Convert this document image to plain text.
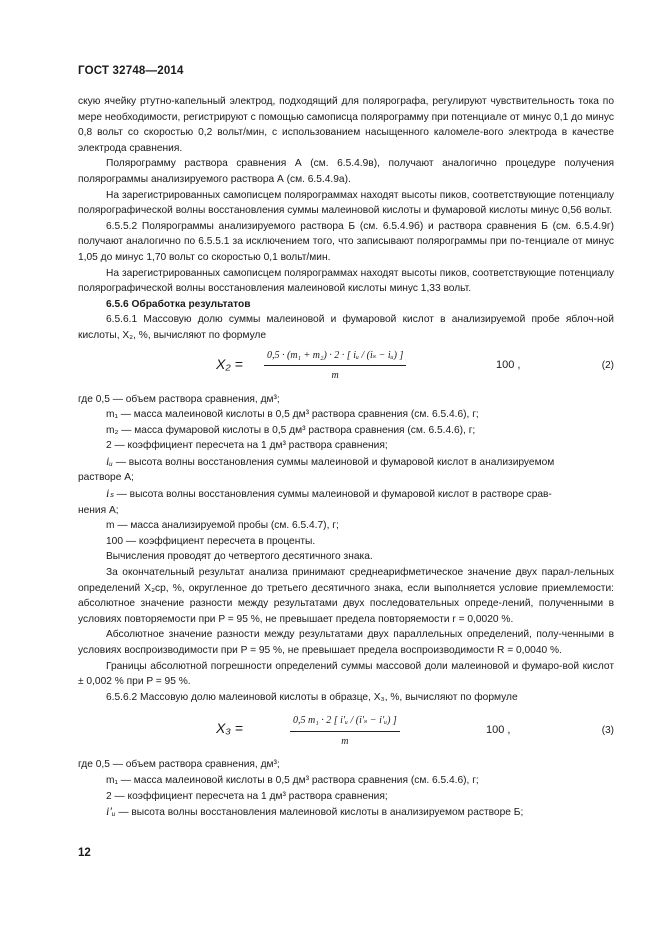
ГОСТ 32748—2014

скую ячейку ртутно-капельный электрод, подходящий для полярографа, регулируют чувствительность тока по мере необходимости, регистрируют с помощью самописца полярограмму при потенциале от минус 0,1 до минус 0,8 вольт со скоростью 0,2 вольт/мин, с использованием насыщенного каломеле-вого электрода в качестве электрода сравнения.

Полярограмму раствора сравнения А (см. 6.5.4.9в), получают аналогично процедуре получения полярограммы анализируемого раствора А (см. 6.5.4.9а).

На зарегистрированных самописцем полярограммах находят высоты пиков, соответствующие потенциалу полярографической волны восстановления суммы малеиновой кислоты и фумаровой кислоты минус 0,56 вольт.

6.5.5.2 Полярограммы анализируемого раствора Б (см. 6.5.4.9б) и раствора сравнения Б (см. 6.5.4.9г) получают аналогично по 6.5.5.1 за исключением того, что записывают полярограммы при по-тенциале от минус 1,05 до минус 1,70 вольт со скоростью 0,1 вольт/мин.

На зарегистрированных самописцем полярограммах находят высоты пиков, соответствующие потенциалу полярографической волны восстановления малеиновой кислоты минус 1,33 вольт.

6.5.6 Обработка результатов

6.5.6.1 Массовую долю суммы малеиновой и фумаровой кислот в анализируемой пробе яблоч-ной кислоты, X₂, %, вычисляют по формуле

$X_2 = \frac{\text{0,5 · (m₁ + m₂) · 2 · [ iᵤ / (iₛ − iᵤ) ]}}{m}$	100 ,	(2)

где 0,5 — объем раствора сравнения, дм³;

m₁ — масса малеиновой кислоты в 0,5 дм³ раствора сравнения (см. 6.5.4.6), г;

m₂ — масса фумаровой кислоты в 0,5 дм³ раствора сравнения (см. 6.5.4.6), г;

2 — коэффициент пересчета на 1 дм³ раствора сравнения;

iᵤ — высота волны восстановления суммы малеиновой и фумаровой кислот в анализируемом

растворе А;

iₛ — высота волны восстановления суммы малеиновой и фумаровой кислот в растворе срав-

нения А;

m — масса анализируемой пробы (см. 6.5.4.7), г;

100 — коэффициент пересчета в проценты.

Вычисления проводят до четвертого десятичного знака.

За окончательный результат анализа принимают среднеарифметическое значение двух парал-лельных определений X₂ср, %, округленное до третьего десятичного знака, если выполняется условие приемлемости: абсолютное значение разности между результатами двух последовательных опреде-лений, полученными в условиях повторяемости при P = 95 %, не превышает предела повторяемости r = 0,0020 %.

Абсолютное значение разности между результатами двух параллельных определений, полу-ченными в условиях воспроизводимости при P = 95 %, не превышает предела воспроизводимости R = 0,0040 %.

Границы абсолютной погрешности определений суммы массовой доли малеиновой и фумаро-вой кислот ± 0,002 % при P = 95 %.

6.5.6.2 Массовую долю малеиновой кислоты в образце, X₃, %, вычисляют по формуле

X₃ =	$\frac{\text{0,5 m₁ · 2 [ i′ᵤ / (i′ₛ − i′ᵤ) ]}}{m}$	100 ,	(3)

где 0,5 — объем раствора сравнения, дм³;

m₁ — масса малеиновой кислоты в 0,5 дм³ раствора сравнения (см. 6.5.4.6), г;

2 — коэффициент пересчета на 1 дм³ раствора сравнения;

i′ᵤ — высота волны восстановления малеиновой кислоты в анализируемом растворе Б;

12
